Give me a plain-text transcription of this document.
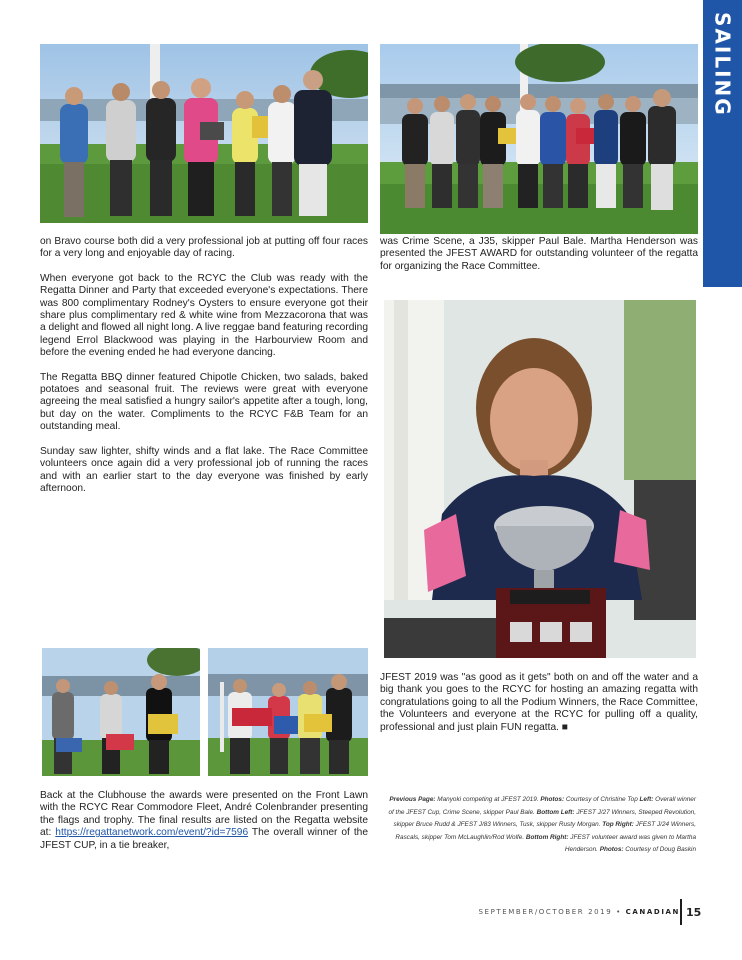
SAILING

on Bravo course both did a very professional job at putting off four races for a very long and enjoyable day of racing.

When everyone got back to the RCYC the Club was ready with the Regatta Dinner and Party that exceeded everyone's expectations. There was 800 complimentary Rodney's Oysters to ensure everyone got their share plus complimentary red & white wine from Mezzacorona that was a delight and flowed all night long. A live reggae band featuring recording legend Errol Blackwood was playing in the Harbourview Room and before the evening ended he had everyone dancing.

The Regatta BBQ dinner featured Chipotle Chicken, two salads, baked potatoes and seasonal fruit. The reviews were great with everyone agreeing the meal satisfied a hungry sailor's appetite after a tough, long, but day on the water. Compliments to the RCYC F&B Team for an outstanding meal.

Sunday saw lighter, shifty winds and a flat lake. The Race Committee volunteers once again did a very professional job of running the races and with an earlier start to the day everyone was finished by early afternoon.

was Crime Scene, a J35, skipper Paul Bale. Martha Henderson was presented the JFEST AWARD for outstanding volunteer of the regatta for organizing the Race Committee.

Back at the Clubhouse the awards were presented on the Front Lawn with the RCYC Rear Commodore Fleet, André Colenbrander presenting the flags and trophy. The final results are listed on the Regatta website at: https://regattanetwork.com/event/?id=7596 The overall winner of the JFEST CUP, in a tie breaker,

JFEST 2019 was "as good as it gets" both on and off the water and a big thank you goes to the RCYC for hosting an amazing regatta with congratulations going to all the Podium Winners, the Race Committee, the Volunteers and everyone at the RCYC for pulling off a quality, professional and just plain FUN regatta. ■

Previous Page: Manyoki competing at JFEST 2019. Photos: Courtesy of Christine Top Left: Overall winner of the JFEST Cup, Crime Scene, skipper Paul Bale. Bottom Left: JFEST J/27 Winners, Steeped Revolution, skipper Bruce Rudd & JFEST J/83 Winners, Tusk, skipper Rusty Morgan. Top Right: JFEST J/24 Winners, Rascals, skipper Tom McLaughlin/Rod Wolfe. Bottom Right: JFEST volunteer award was given to Martha Henderson. Photos: Courtesy of Doug Baskin
SEPTEMBER/OCTOBER 2019 • CANADIAN 15
